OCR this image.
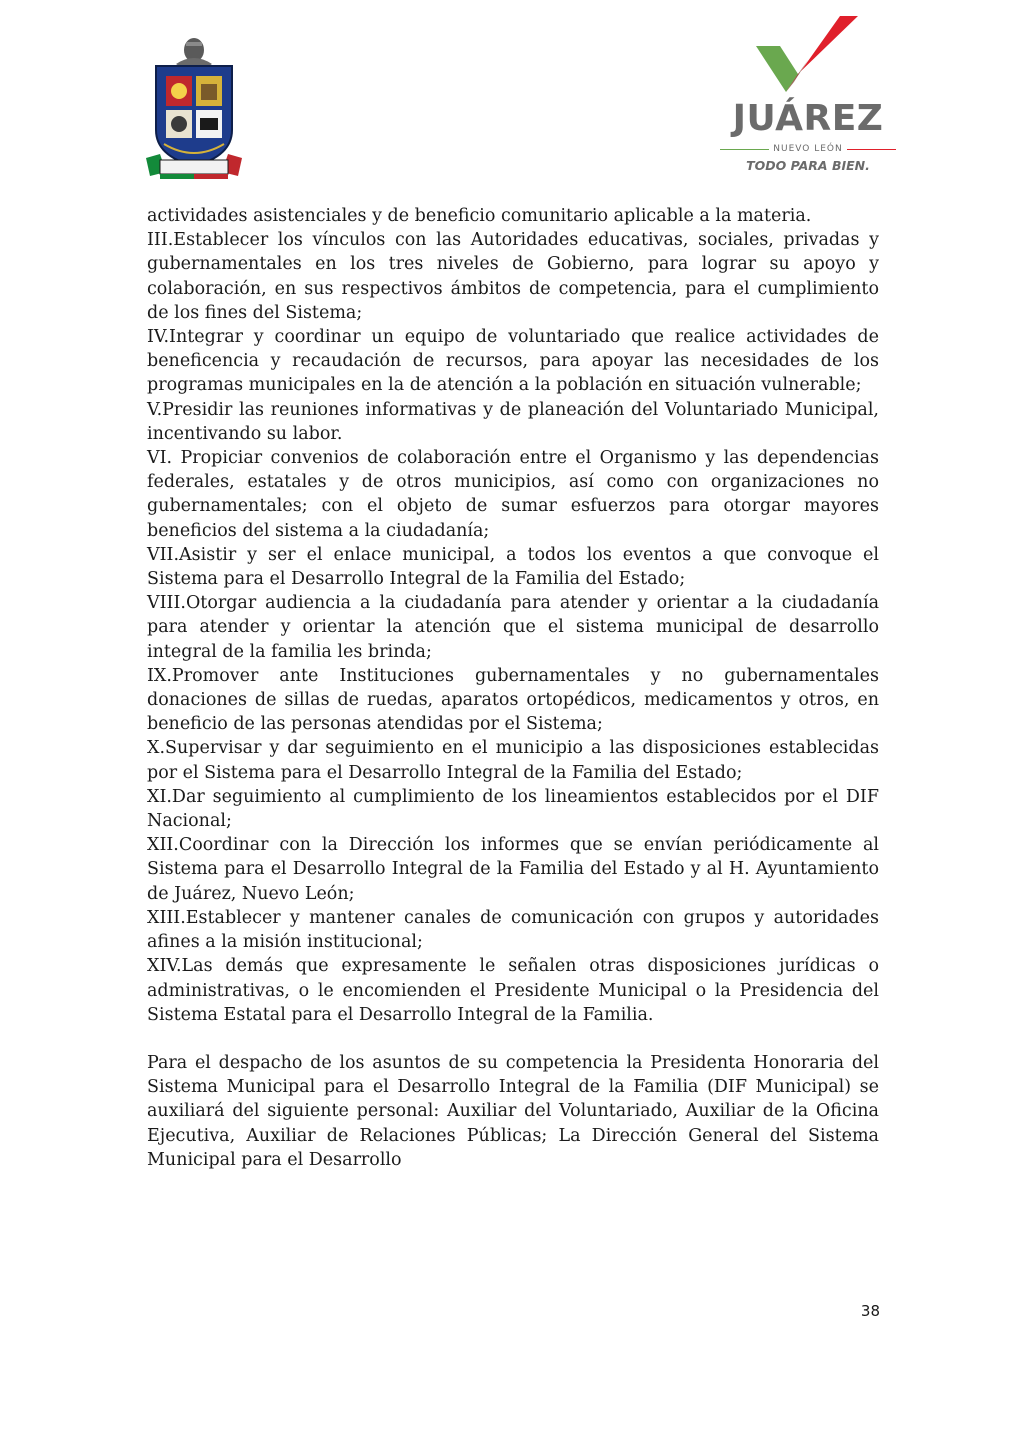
JUÁREZ
NUEVO LEÓN
TODO PARA BIEN.

actividades asistenciales y de beneficio comunitario aplicable a la materia.

III.Establecer los vínculos con las Autoridades educativas, sociales, privadas y gubernamentales en los tres niveles de Gobierno, para lograr su apoyo y colaboración, en sus respectivos ámbitos de competencia, para el cumplimiento de los fines del Sistema;

IV.Integrar y coordinar un equipo de voluntariado que realice actividades de beneficencia y recaudación de recursos, para apoyar las necesidades de los programas municipales en la de atención a la población en situación vulnerable;

V.Presidir las reuniones informativas y de planeación del Voluntariado Municipal, incentivando su labor.

VI. Propiciar convenios de colaboración entre el Organismo y las dependencias federales, estatales y de otros municipios, así como con organizaciones no gubernamentales; con el objeto de sumar esfuerzos para otorgar mayores beneficios del sistema a la ciudadanía;

VII.Asistir y ser el enlace municipal, a todos los eventos a que convoque el Sistema para el Desarrollo Integral de la Familia del Estado;

VIII.Otorgar audiencia a la ciudadanía para atender y orientar a la ciudadanía para atender y orientar la atención que el sistema municipal de desarrollo integral de la familia les brinda;

IX.Promover ante Instituciones gubernamentales y no gubernamentales donaciones de sillas de ruedas, aparatos ortopédicos, medicamentos y otros, en beneficio de las personas atendidas por el Sistema;

X.Supervisar y dar seguimiento en el municipio a las disposiciones establecidas por el Sistema para el Desarrollo Integral de la Familia del Estado;

XI.Dar seguimiento al cumplimiento de los lineamientos establecidos por el DIF Nacional;

XII.Coordinar con la Dirección los informes que se envían periódicamente al Sistema para el Desarrollo Integral de la Familia del Estado y al H. Ayuntamiento de Juárez, Nuevo León;

XIII.Establecer y mantener canales de comunicación con grupos y autoridades afines a la misión institucional;

XIV.Las demás que expresamente le señalen otras disposiciones jurídicas o administrativas, o le encomienden el Presidente Municipal o la Presidencia del Sistema Estatal para el Desarrollo Integral de la Familia.

Para el despacho de los asuntos de su competencia la Presidenta Honoraria del Sistema Municipal para el Desarrollo Integral de la Familia (DIF Municipal) se auxiliará del siguiente personal: Auxiliar del Voluntariado, Auxiliar de la Oficina Ejecutiva, Auxiliar de Relaciones Públicas; La Dirección General del Sistema Municipal para el Desarrollo

38
